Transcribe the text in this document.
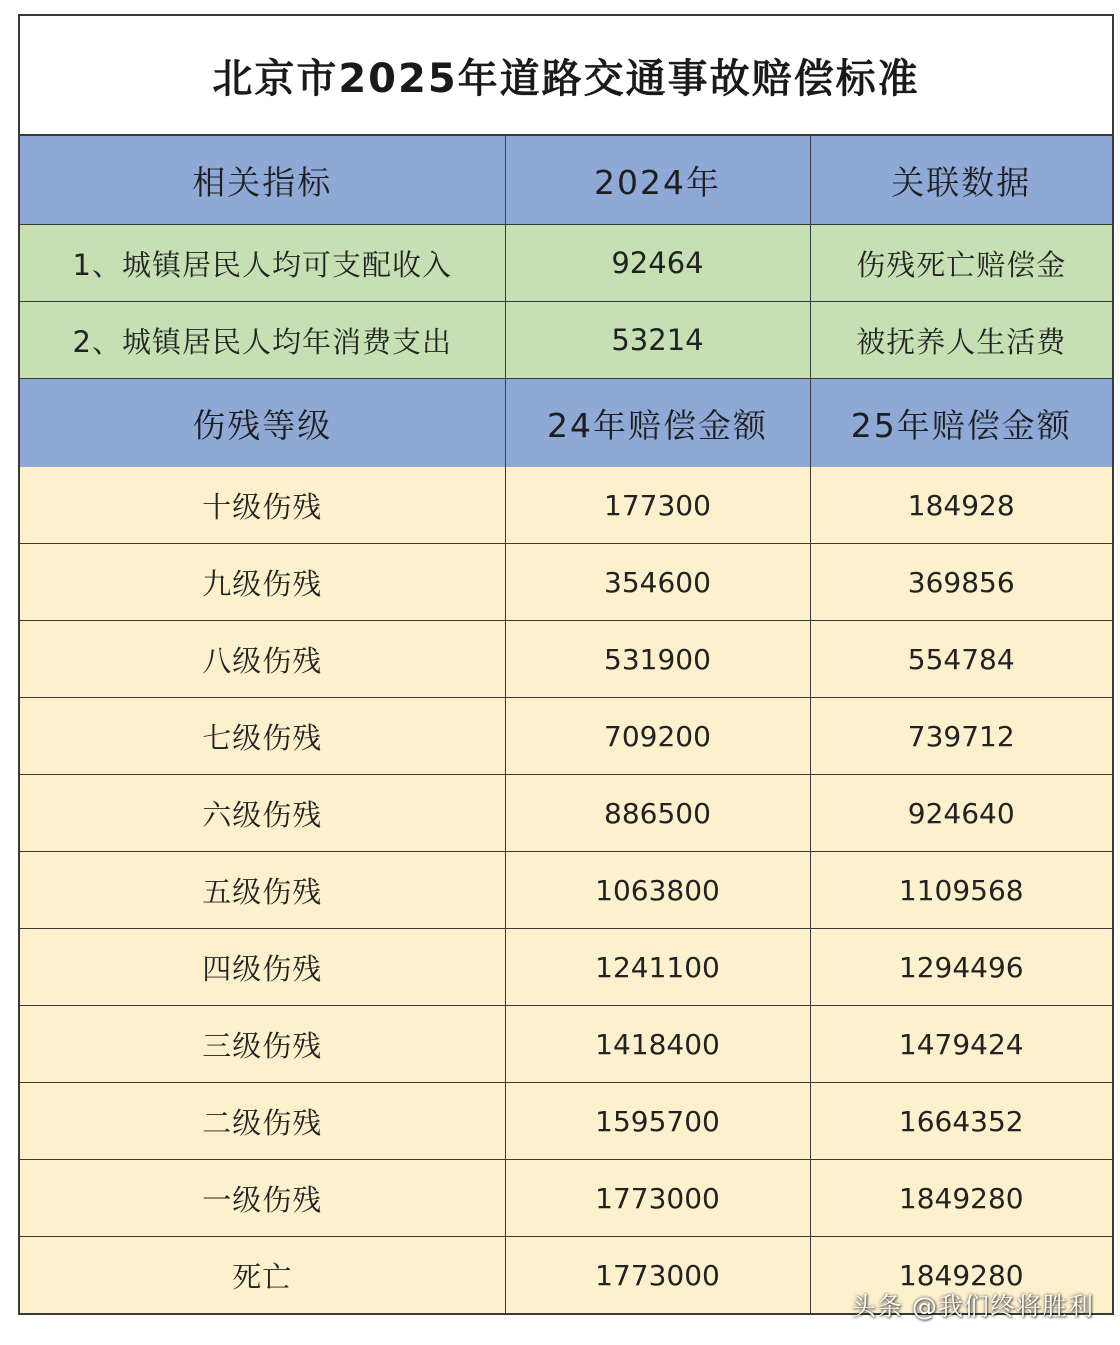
北京市2025年道路交通事故赔偿标准
相关指标	2024年	关联数据
1、城镇居民人均可支配收入	92464	伤残死亡赔偿金
2、城镇居民人均年消费支出	53214	被抚养人生活费
伤残等级	24年赔偿金额	25年赔偿金额
十级伤残	177300	184928
九级伤残	354600	369856
八级伤残	531900	554784
七级伤残	709200	739712
六级伤残	886500	924640
五级伤残	1063800	1109568
四级伤残	1241100	1294496
三级伤残	1418400	1479424
二级伤残	1595700	1664352
一级伤残	1773000	1849280
死亡	1773000	1849280
头条 @我们终将胜利
